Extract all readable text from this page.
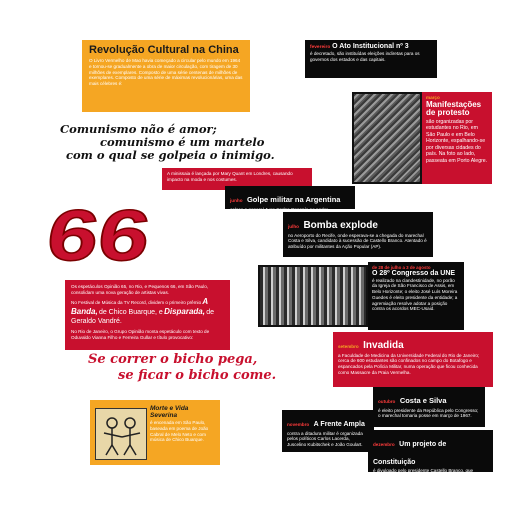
Revolução Cultural na China
O Livro Vermelho de Mao havia começado a circular pelo mundo em 1964 e tornou-se gradualmente a obra de maior circulação, com tiragem de 30 milhões de exemplares. Composto de uma série centenas de milhões de exemplares. Composto de uma série de máximas revolucionárias, uma das mais célebres é:
Comunismo não é amor;
comunismo é um martelo
com o qual se golpeia o inimigo.
fevereiro O Ato Institucional nº 3
é decretado, são instituídas eleições indiretas para os governos dos estados e das capitais.
março
Manifestações de protesto
são organizadas por estudantes no Rio, em São Paulo e em Belo Horizonte, espalhando-se por diversas cidades do país. Na foto ao lado, passeata em Porto Alegre.
A minissaia é lançada por Mary Quant em Londres, causando impacto na moda e nos costumes.
junho Golpe militar na Argentina
coloca o general Juan Carlos Onganía no poder.
julho Bomba explode
no Aeroporto do Recife, onde esperava-se a chegada do marechal Costa e Silva, candidato à sucessão de Castello Branco. Atentado é atribuído por militantes da Ação Popular (AP).
66	de 28 de julho a 3 de agosto
O 28º Congresso da UNE
é realizado na clandestinidade, no porão da Igreja de São Francisco de Assis, em Belo Horizonte; o eleito José Luís Moreira Guedes é eleito presidente da entidade; a agremiação resolve adotar a posição contra os acordos MEC-Usaid.
Os espetáculos Opinião 65, no Rio, e Pequenos 66, em São Paulo, consolidam uma nova geração de artistas vivas.
No Festival de Música da TV Record, dividem o primeiro prêmio A Banda, de Chico Buarque, e Disparada, de Geraldo Vandré.
No Rio de Janeiro, o Grupo Opinião monta espetáculo com texto de Oduvaldo Vianna Filho e Ferreira Gullar e título provocativo:
setembro Invadida
a Faculdade de Medicina da Universidade Federal do Rio de Janeiro; cerca de 600 estudantes são confinados no campo do Botafogo e espancados pela Polícia Militar, numa operação que ficou conhecida como Massacre da Praia Vermelha.
Se correr o bicho pega,
se ficar o bicho come.
Morte e Vida Severina
é encenada em São Paulo, baseada em poema de João Cabral de Melo Neto e com música de Chico Buarque.
outubro Costa e Silva
é eleito presidente da República pelo Congresso; o marechal tomaria posse em março de 1967.
novembro A Frente Ampla
contra a ditadura militar é organizada pelos políticos Carlos Lacerda, Juscelino Kubitschek e João Goulart.	dezembro Um projeto de Constituição
é divulgado pelo presidente Castello Branco, que transforma o Congresso e regulamentado pelo Ato Institucional nº 4, promulgada por ele.
